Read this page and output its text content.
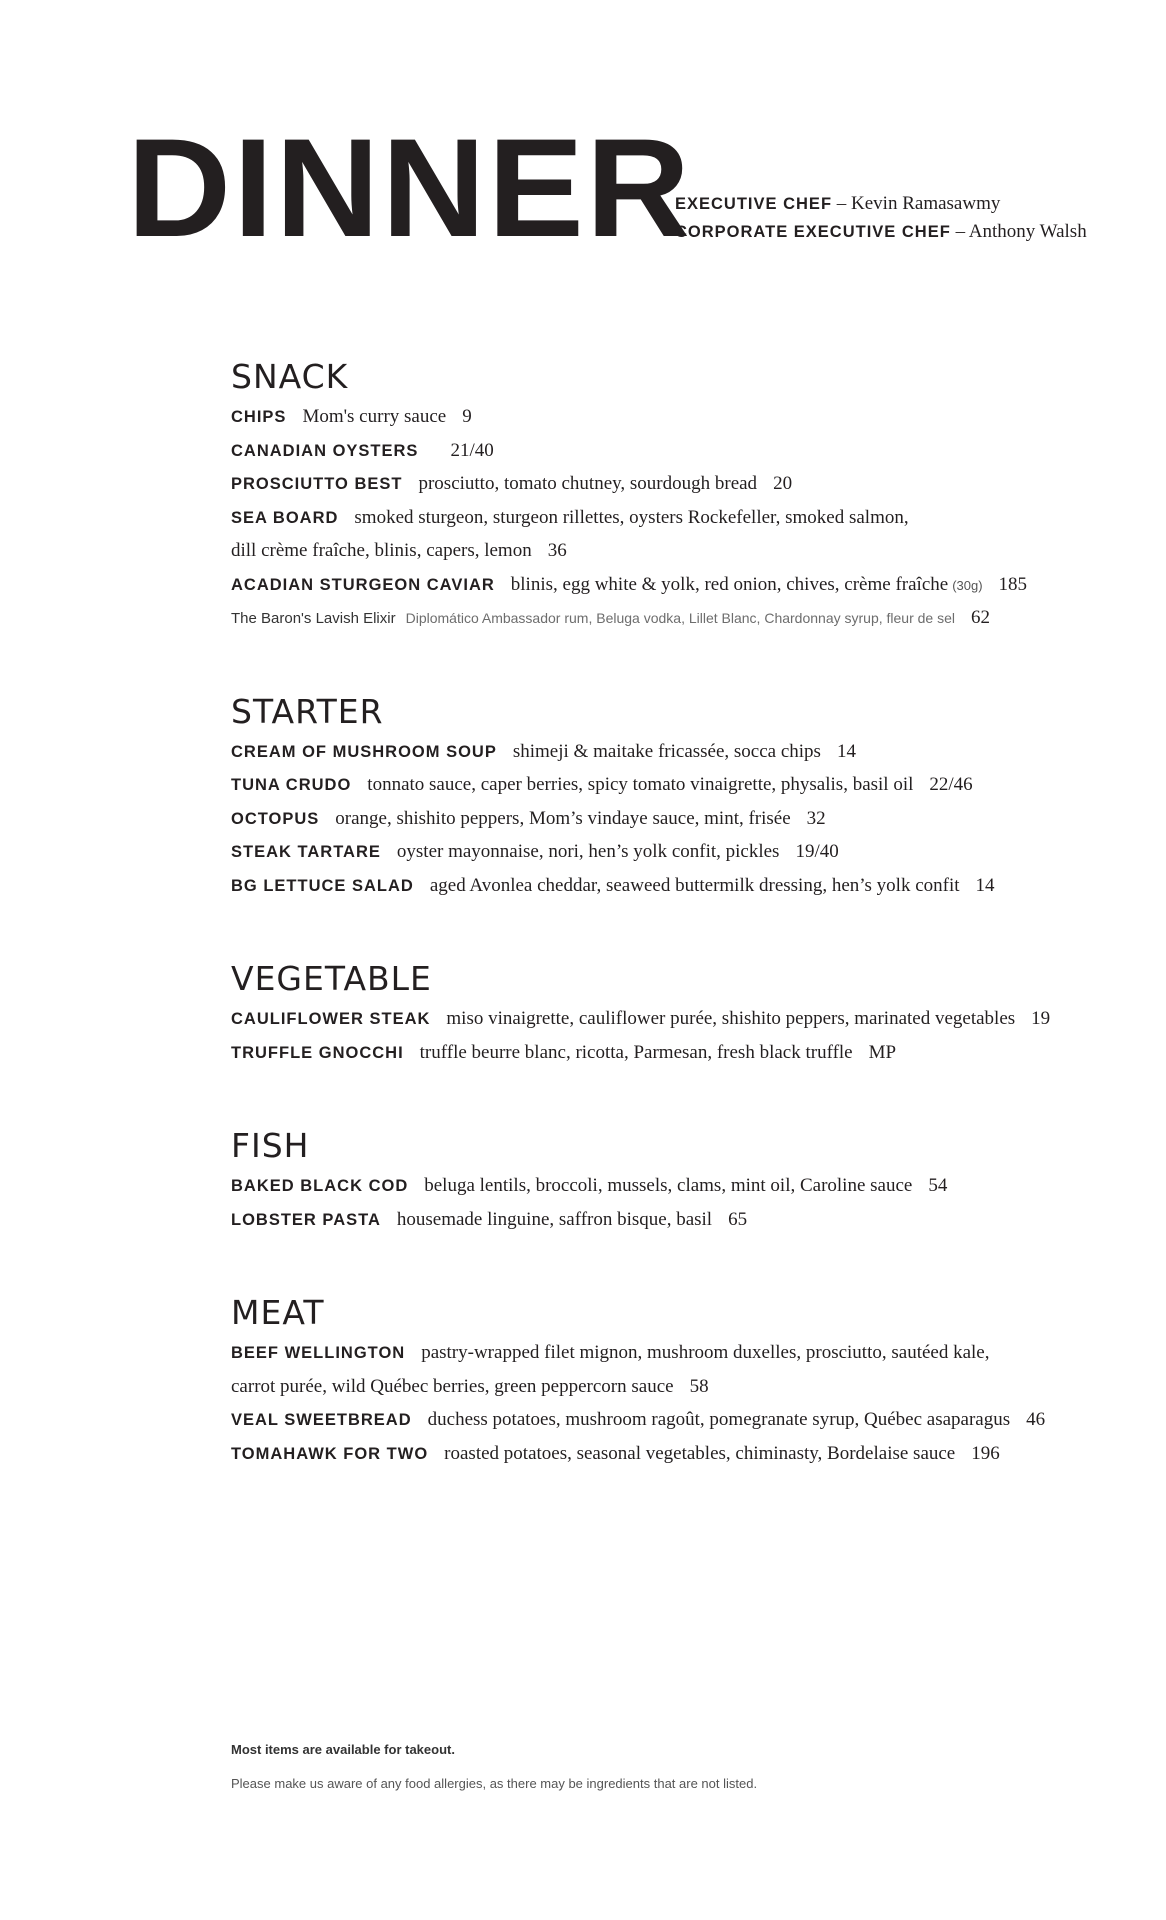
DINNER
EXECUTIVE CHEF – Kevin Ramasawmy
CORPORATE EXECUTIVE CHEF – Anthony Walsh
SNACK
CHIPS Mom's curry sauce 9
CANADIAN OYSTERS 21/40
PROSCIUTTO BEST prosciutto, tomato chutney, sourdough bread 20
SEA BOARD smoked sturgeon, sturgeon rillettes, oysters Rockefeller, smoked salmon,
dill crème fraîche, blinis, capers, lemon 36
ACADIAN STURGEON CAVIAR blinis, egg white & yolk, red onion, chives, crème fraîche (30g) 185
The Baron's Lavish Elixir Diplomático Ambassador rum, Beluga vodka, Lillet Blanc, Chardonnay syrup, fleur de sel 62
STARTER
CREAM OF MUSHROOM SOUP shimeji & maitake fricassée, socca chips 14
TUNA CRUDO tonnato sauce, caper berries, spicy tomato vinaigrette, physalis, basil oil 22/46
OCTOPUS orange, shishito peppers, Mom’s vindaye sauce, mint, frisée 32
STEAK TARTARE oyster mayonnaise, nori, hen’s yolk confit, pickles 19/40
BG LETTUCE SALAD aged Avonlea cheddar, seaweed buttermilk dressing, hen’s yolk confit 14
VEGETABLE
CAULIFLOWER STEAK miso vinaigrette, cauliflower purée, shishito peppers, marinated vegetables 19
TRUFFLE GNOCCHI truffle beurre blanc, ricotta, Parmesan, fresh black truffle MP
FISH
BAKED BLACK COD beluga lentils, broccoli, mussels, clams, mint oil, Caroline sauce 54
LOBSTER PASTA housemade linguine, saffron bisque, basil 65
MEAT
BEEF WELLINGTON pastry-wrapped filet mignon, mushroom duxelles, prosciutto, sautéed kale,
carrot purée, wild Québec berries, green peppercorn sauce 58
VEAL SWEETBREAD duchess potatoes, mushroom ragoût, pomegranate syrup, Québec asaparagus 46
TOMAHAWK FOR TWO roasted potatoes, seasonal vegetables, chiminasty, Bordelaise sauce 196
Most items are available for takeout.
Please make us aware of any food allergies, as there may be ingredients that are not listed.
